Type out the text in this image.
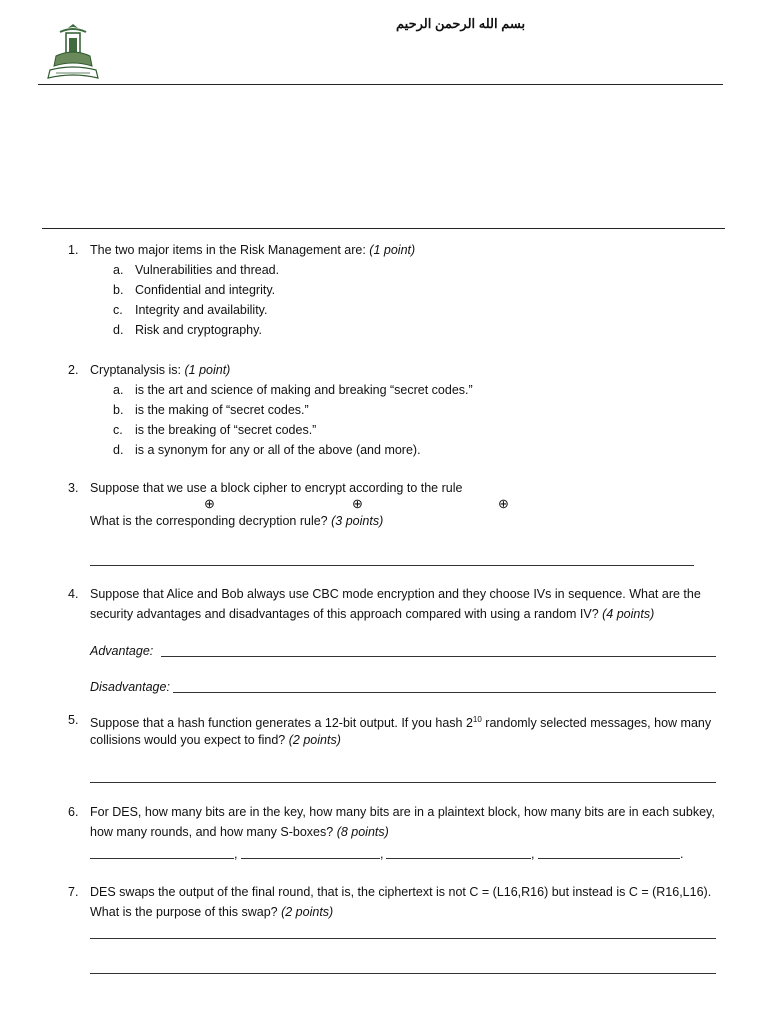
بسم الله الرحمن الرحيم
1. The two major items in the Risk Management are: (1 point)
a. Vulnerabilities and thread.
b. Confidential and integrity.
c. Integrity and availability.
d. Risk and cryptography.
2. Cryptanalysis is: (1 point)
a. is the art and science of making and breaking “secret codes.”
b. is the making of “secret codes.”
c. is the breaking of “secret codes.”
d. is a synonym for any or all of the above (and more).
3. Suppose that we use a block cipher to encrypt according to the rule
⊕	⊕	⊕
What is the corresponding decryption rule? (3 points)
4. Suppose that Alice and Bob always use CBC mode encryption and they choose IVs in sequence. What are the
security advantages and disadvantages of this approach compared with using a random IV? (4 points)
Advantage:
Disadvantage:
5. Suppose that a hash function generates a 12-bit output. If you hash $2^{10}$ randomly selected messages, how many
collisions would you expect to find? (2 points)
6. For DES, how many bits are in the key, how many bits are in a plaintext block, how many bits are in each subkey,
how many rounds, and how many S-boxes? (8 points)
,	,	,	.
7. DES swaps the output of the final round, that is, the ciphertext is not C = (L16,R16) but instead is C = (R16,L16).
What is the purpose of this swap? (2 points)
